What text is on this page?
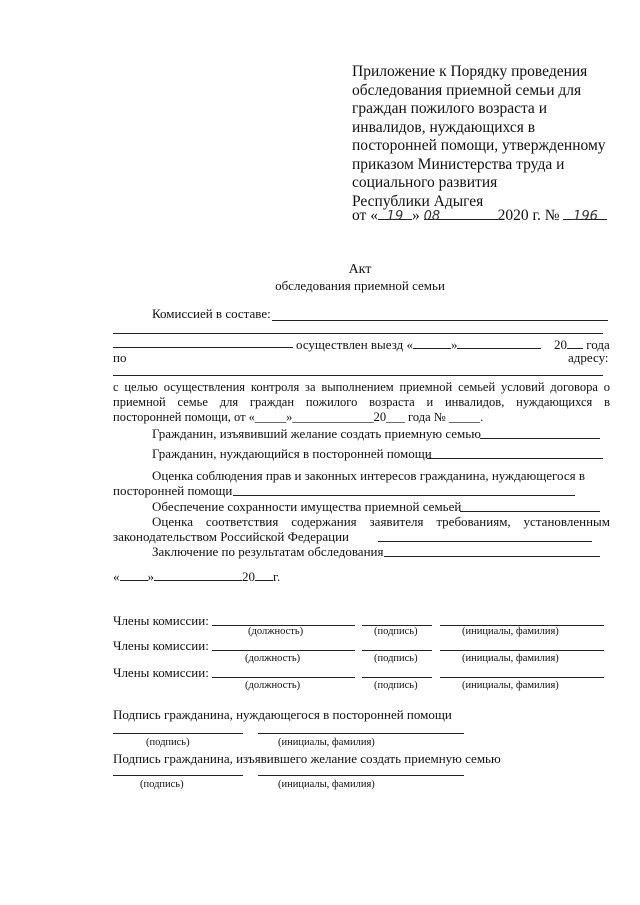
Приложение к Порядку проведения
обследования приемной семьи для
граждан пожилого возраста и
инвалидов, нуждающихся в
посторонней помощи, утвержденному
приказом Министерства труда и
социального развития
Республики Адыгея
от « 19 » 08	2020 г. № 196
Акт
обследования приемной семьи
Комиссией в составе:
осуществлен выезд «	»	20 года
по	адресу:
с целью осуществления контроля за выполнением приемной семьей условий договора о
приемной семье для граждан пожилого возраста и инвалидов, нуждающихся в
посторонней помощи, от «_____»_____________20___ года № _____.
Гражданин, изъявивший желание создать приемную семью
Гражданин, нуждающийся в посторонней помощи
Оценка соблюдения прав и законных интересов гражданина, нуждающегося в
посторонней помощи
Обеспечение сохранности имущества приемной семьей
Оценка соответствия содержания заявителя требованиям, установленным
законодательством Российской Федерации
Заключение по результатам обследования
« »	20 г.
Члены комиссии:
(должность)	(подпись)	(инициалы, фамилия)
Члены комиссии:
(должность)	(подпись)	(инициалы, фамилия)
Члены комиссии:
(должность)	(подпись)	(инициалы, фамилия)
Подпись гражданина, нуждающегося в посторонней помощи
(подпись)	(инициалы, фамилия)
Подпись гражданина, изъявившего желание создать приемную семью
(подпись)	(инициалы, фамилия)
